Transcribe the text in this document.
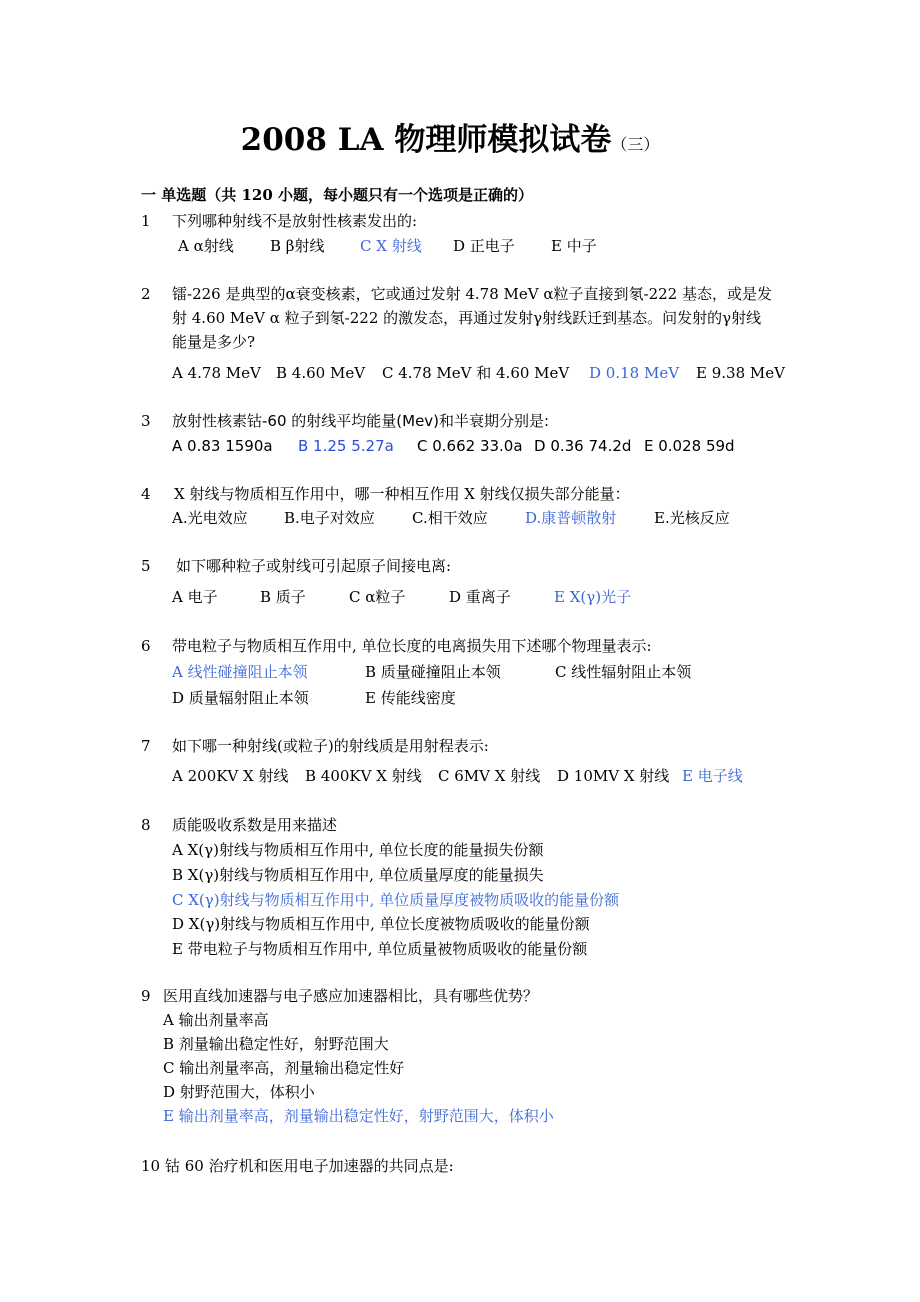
2008 LA 物理师模拟试卷（三）
一 单选题（共 120 小题，每小题只有一个选项是正确的）
1 下列哪种射线不是放射性核素发出的:
A α射线 B β射线 C X 射线 D 正电子 E 中子
2 镭-226 是典型的α衰变核素，它或通过发射 4.78 MeV α粒子直接到氡-222 基态，或是发
射 4.60 MeV α 粒子到氡-222 的激发态，再通过发射γ射线跃迁到基态。问发射的γ射线
能量是多少?
A 4.78 MeV B 4.60 MeV C 4.78 MeV 和 4.60 MeV D 0.18 MeV E 9.38 MeV
3 放射性核素钴-60 的射线平均能量(Mev)和半衰期分别是:
A 0.83 1590a B 1.25 5.27a C 0.662 33.0a D 0.36 74.2d E 0.028 59d
4 X 射线与物质相互作用中，哪一种相互作用 X 射线仅损失部分能量：
A.光电效应 B.电子对效应 C.相干效应 D.康普顿散射	E.光核反应
5 如下哪种粒子或射线可引起原子间接电离:
A 电子	B 质子	C α粒子	D 重离子	E X(γ)光子
6 带电粒子与物质相互作用中, 单位长度的电离损失用下述哪个物理量表示:
A 线性碰撞阻止本领	B 质量碰撞阻止本领	C 线性辐射阻止本领
D 质量辐射阻止本领	E 传能线密度
7 如下哪一种射线(或粒子)的射线质是用射程表示:
A 200KV X 射线 B 400KV X 射线 C 6MV X 射线 D 10MV X 射线 E 电子线
8 质能吸收系数是用来描述
A X(γ)射线与物质相互作用中, 单位长度的能量损失份额
B X(γ)射线与物质相互作用中, 单位质量厚度的能量损失
C X(γ)射线与物质相互作用中, 单位质量厚度被物质吸收的能量份额
D X(γ)射线与物质相互作用中, 单位长度被物质吸收的能量份额
E 带电粒子与物质相互作用中, 单位质量被物质吸收的能量份额
9 医用直线加速器与电子感应加速器相比，具有哪些优势？
A 输出剂量率高
B 剂量输出稳定性好，射野范围大
C 输出剂量率高，剂量输出稳定性好
D 射野范围大，体积小
E 输出剂量率高，剂量输出稳定性好，射野范围大，体积小
10 钴 60 治疗机和医用电子加速器的共同点是:
